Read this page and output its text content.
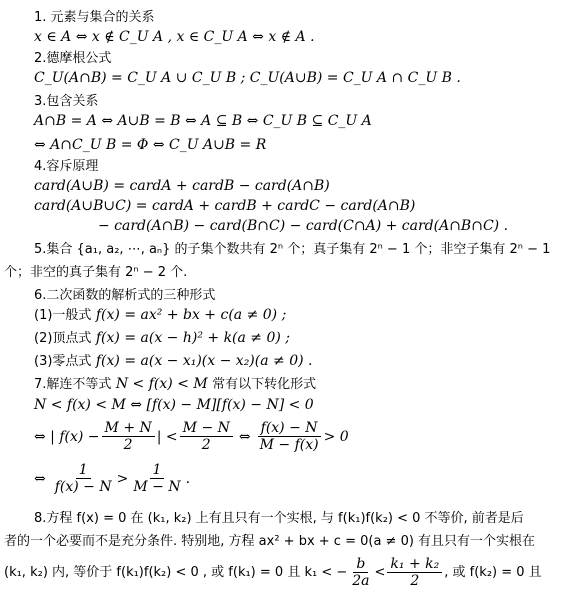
1. 元素与集合的关系
x ∈ A ⇔ x ∉ C_U A , x ∈ C_U A ⇔ x ∉ A .
2.德摩根公式
C_U(A∩B) = C_U A ∪ C_U B ; C_U(A∪B) = C_U A ∩ C_U B .
3.包含关系
A∩B = A ⇔ A∪B = B ⇔ A ⊆ B ⇔ C_U B ⊆ C_U A
⇔ A∩C_U B = Φ ⇔ C_U A∪B = R
4.容斥原理
card(A∪B) = cardA + cardB − card(A∩B)
card(A∪B∪C) = cardA + cardB + cardC − card(A∩B)
− card(A∩B) − card(B∩C) − card(C∩A) + card(A∩B∩C) .
5.集合 {a₁, a₂, ⋯, aₙ} 的子集个数共有 2ⁿ 个；真子集有 2ⁿ − 1 个；非空子集有 2ⁿ − 1
个；非空的真子集有 2ⁿ − 2 个.
6.二次函数的解析式的三种形式
(1)一般式 f(x) = ax² + bx + c(a ≠ 0) ;
(2)顶点式 f(x) = a(x − h)² + k(a ≠ 0) ;
(3)零点式 f(x) = a(x − x₁)(x − x₂)(a ≠ 0) .
7.解连不等式 N < f(x) < M 常有以下转化形式
N < f(x) < M ⇔ [f(x) − M][f(x) − N] < 0
⇔ | $f(x) - \frac{M + N}{2}$ | < $\frac{M - N}{2}$ ⇔ $\frac{f(x) - N}{M - f(x)} > 0$
⇔ $\frac{1}{f(x) - N} > \frac{1}{M - N}$ .
8.方程 f(x) = 0 在 (k₁, k₂) 上有且只有一个实根, 与 f(k₁)f(k₂) < 0 不等价, 前者是后
者的一个必要而不是充分条件. 特别地, 方程 ax² + bx + c = 0(a ≠ 0) 有且只有一个实根在
(k₁, k₂) 内, 等价于 f(k₁)f(k₂) < 0 , 或 f(k₁) = 0 且 k₁ < − $\frac{b}{2a} < \frac{\text{k₁ + k₂}}{2}$ , 或 f(k₂) = 0 且
